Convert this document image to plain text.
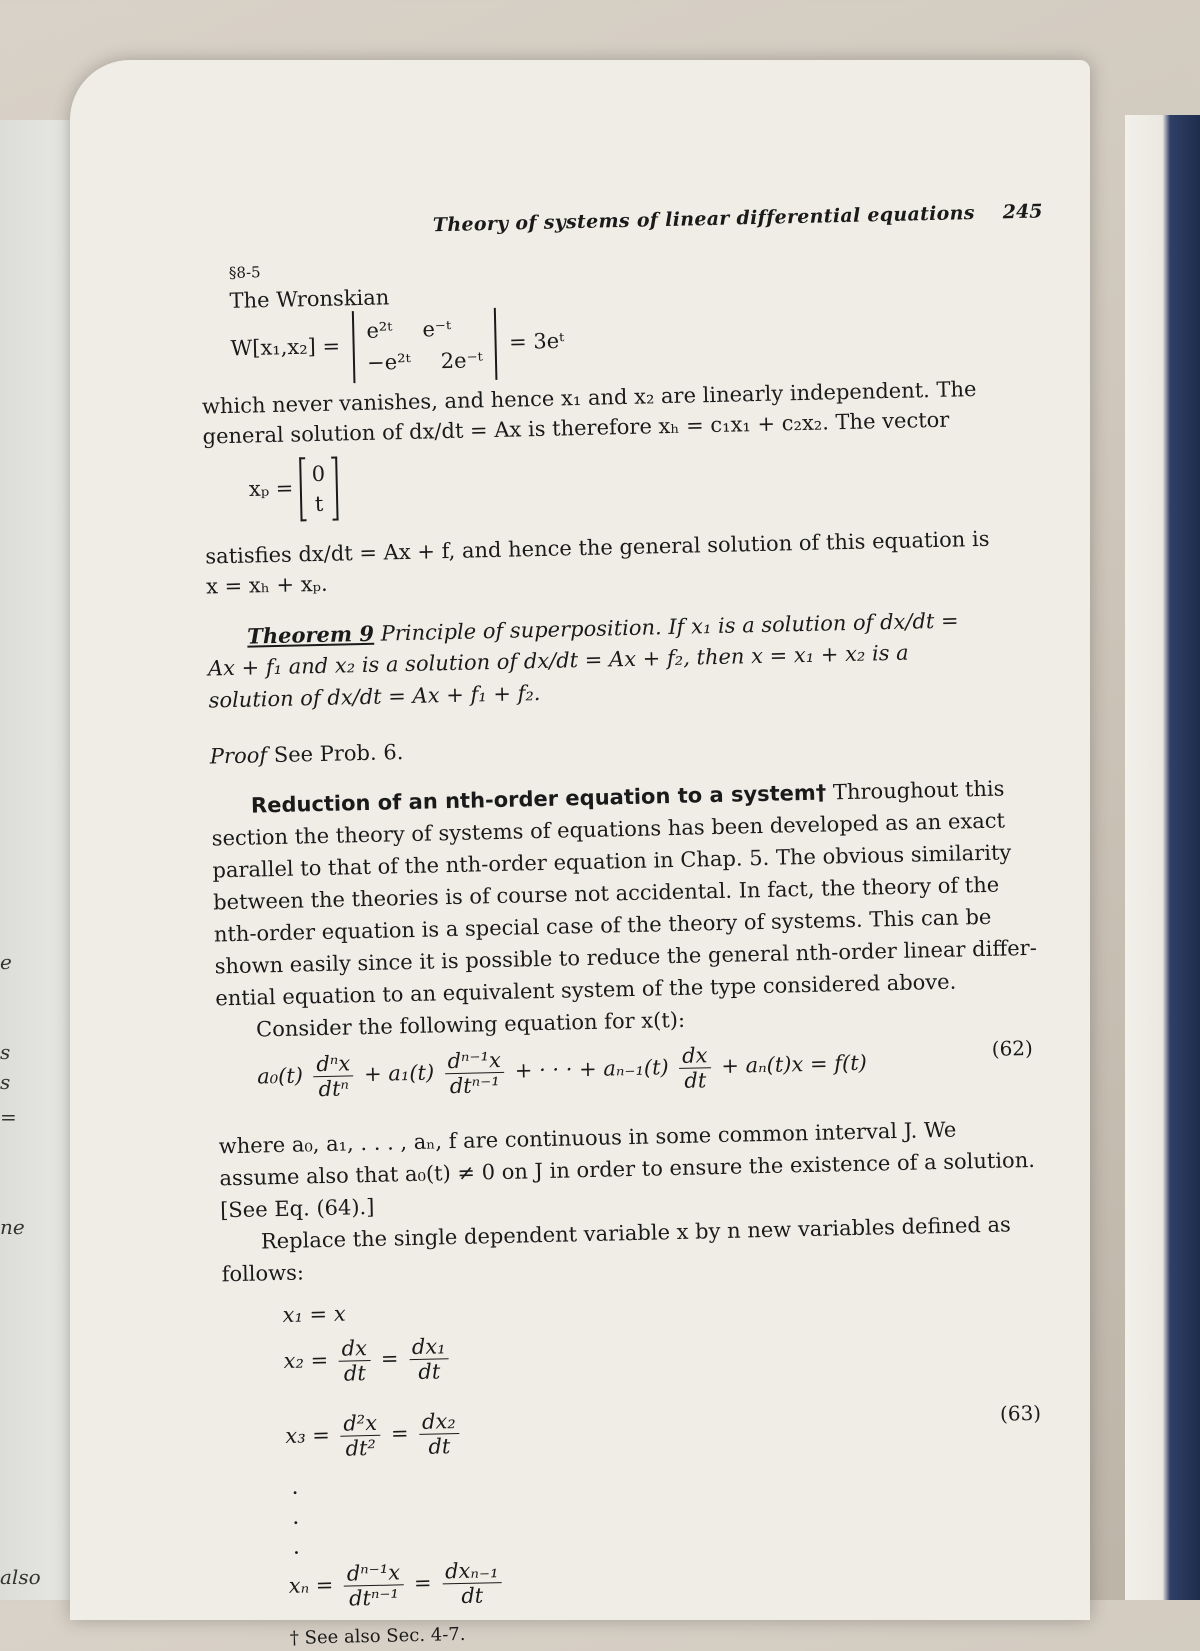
e
s
s
=
ne
also
Theory of systems of linear differential equations 245
§8-5
The Wronskian
W[x₁,x₂] =
e²ᵗ e⁻ᵗ
−e²ᵗ 2e⁻ᵗ
= 3eᵗ
which never vanishes, and hence x₁ and x₂ are linearly independent. The
general solution of dx/dt = Ax is therefore xₕ = c₁x₁ + c₂x₂. The vector
xₚ =
0
t
satisfies dx/dt = Ax + f, and hence the general solution of this equation is
x = xₕ + xₚ.
Theorem 9 Principle of superposition. If x₁ is a solution of dx/dt =
Ax + f₁ and x₂ is a solution of dx/dt = Ax + f₂, then x = x₁ + x₂ is a
solution of dx/dt = Ax + f₁ + f₂.
Proof See Prob. 6.
Reduction of an nth-order equation to a system† Throughout this
section the theory of systems of equations has been developed as an exact
parallel to that of the nth-order equation in Chap. 5. The obvious similarity
between the theories is of course not accidental. In fact, the theory of the
nth-order equation is a special case of the theory of systems. This can be
shown easily since it is possible to reduce the general nth-order linear differ-
ential equation to an equivalent system of the type considered above.
Consider the following equation for x(t):
$a_0(t) \frac{\text{dⁿx}}{\text{dtⁿ}} + a_1(t) \frac{\text{dⁿ⁻¹x}}{\text{dtⁿ⁻¹}}$ + · · · + $a_{n-1}(t) \frac{dx}{dt} + a_n(t)x = f(t)$
(62)
where a₀, a₁, . . . , aₙ, f are continuous in some common interval J. We
assume also that a₀(t) ≠ 0 on J in order to ensure the existence of a solution.
[See Eq. (64).]
Replace the single dependent variable x by n new variables defined as
follows:
x₁ = x
$x_2 = \frac{dx}{dt} = \frac{\text{dx₁}}{dt}$
$x_3 = \frac{\text{d²x}}{\text{dt²}} = \frac{\text{dx₂}}{dt}$	(63)
.
.
.
$x_n = \frac{\text{dⁿ⁻¹x}}{\text{dtⁿ⁻¹}} = \frac{\text{dxₙ₋₁}}{dt}$
† See also Sec. 4-7.
